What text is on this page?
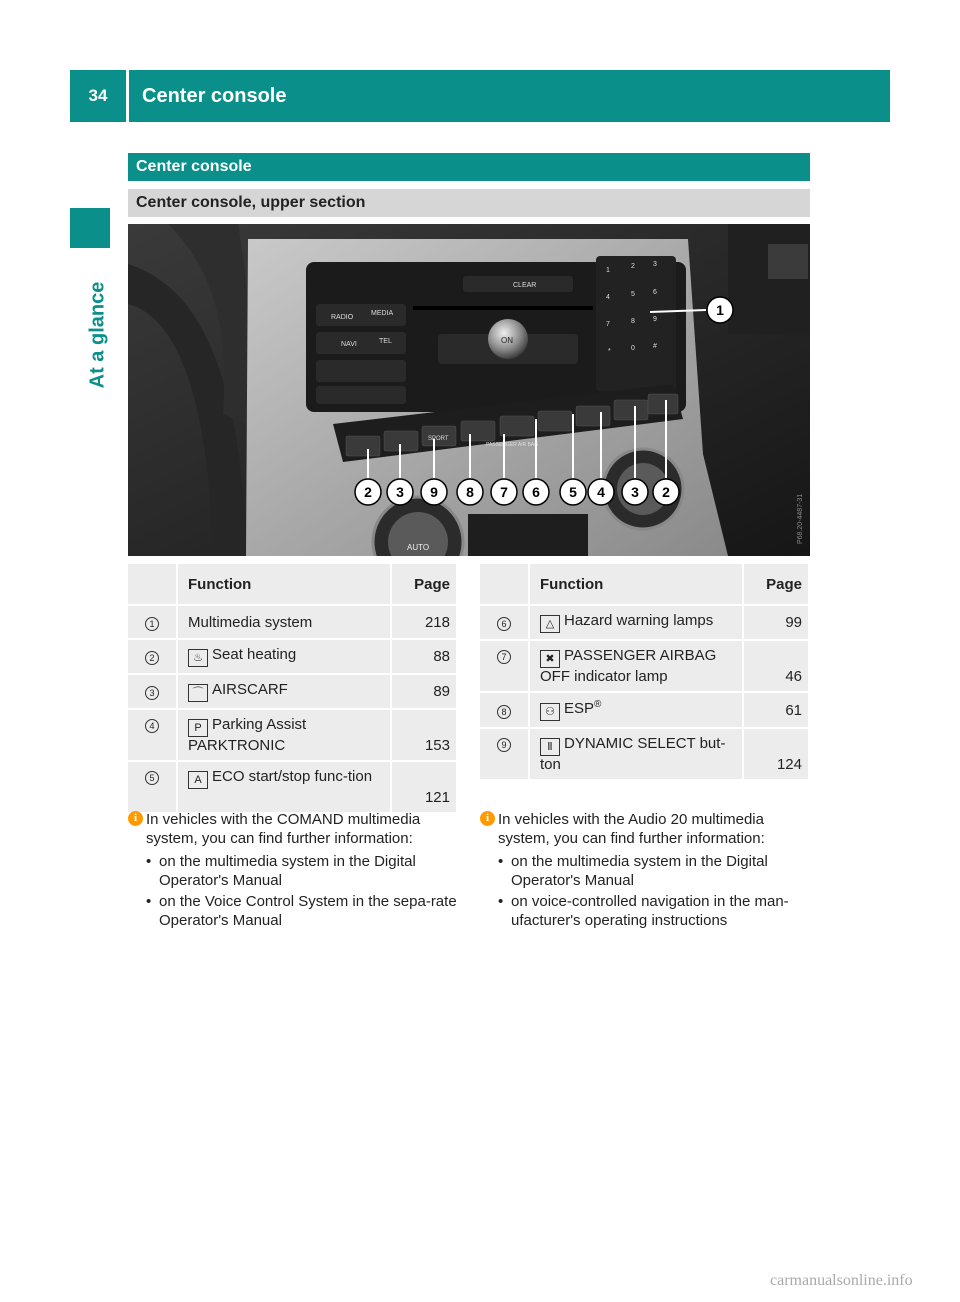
34	Center console
At a glance
Center console
Center console, upper section
RADIO
MEDIA
NAVI	TEL
CLEAR
ON
1
2	3
4	5	6
7	8	9
*	0	#
SPORT
PASSENGER AIR BAG
AUTO
P68.20-4487-31
1
2 3 9 8 7 6 5 4 3 2
	Function	Page
1	Multimedia system	218
2	♨ Seat heating	88
3	⌒ AIRSCARF	89
4	P Parking Assist PARKTRONIC	153
5	A ECO start/stop func-tion	121
	Function	Page
6	△ Hazard warning lamps	99
7	✖ PASSENGER AIRBAG OFF indicator lamp	46
8	⚇ ESP®	61
9	Ⅱ DYNAMIC SELECT but-ton	124
i In vehicles with the COMAND multimedia system, you can find further information:

• on the multimedia system in the Digital Operator's Manual
• on the Voice Control System in the sepa-rate Operator's Manual
i In vehicles with the Audio 20 multimedia system, you can find further information:

• on the multimedia system in the Digital Operator's Manual
• on voice-controlled navigation in the man-ufacturer's operating instructions
carmanualsonline.info
